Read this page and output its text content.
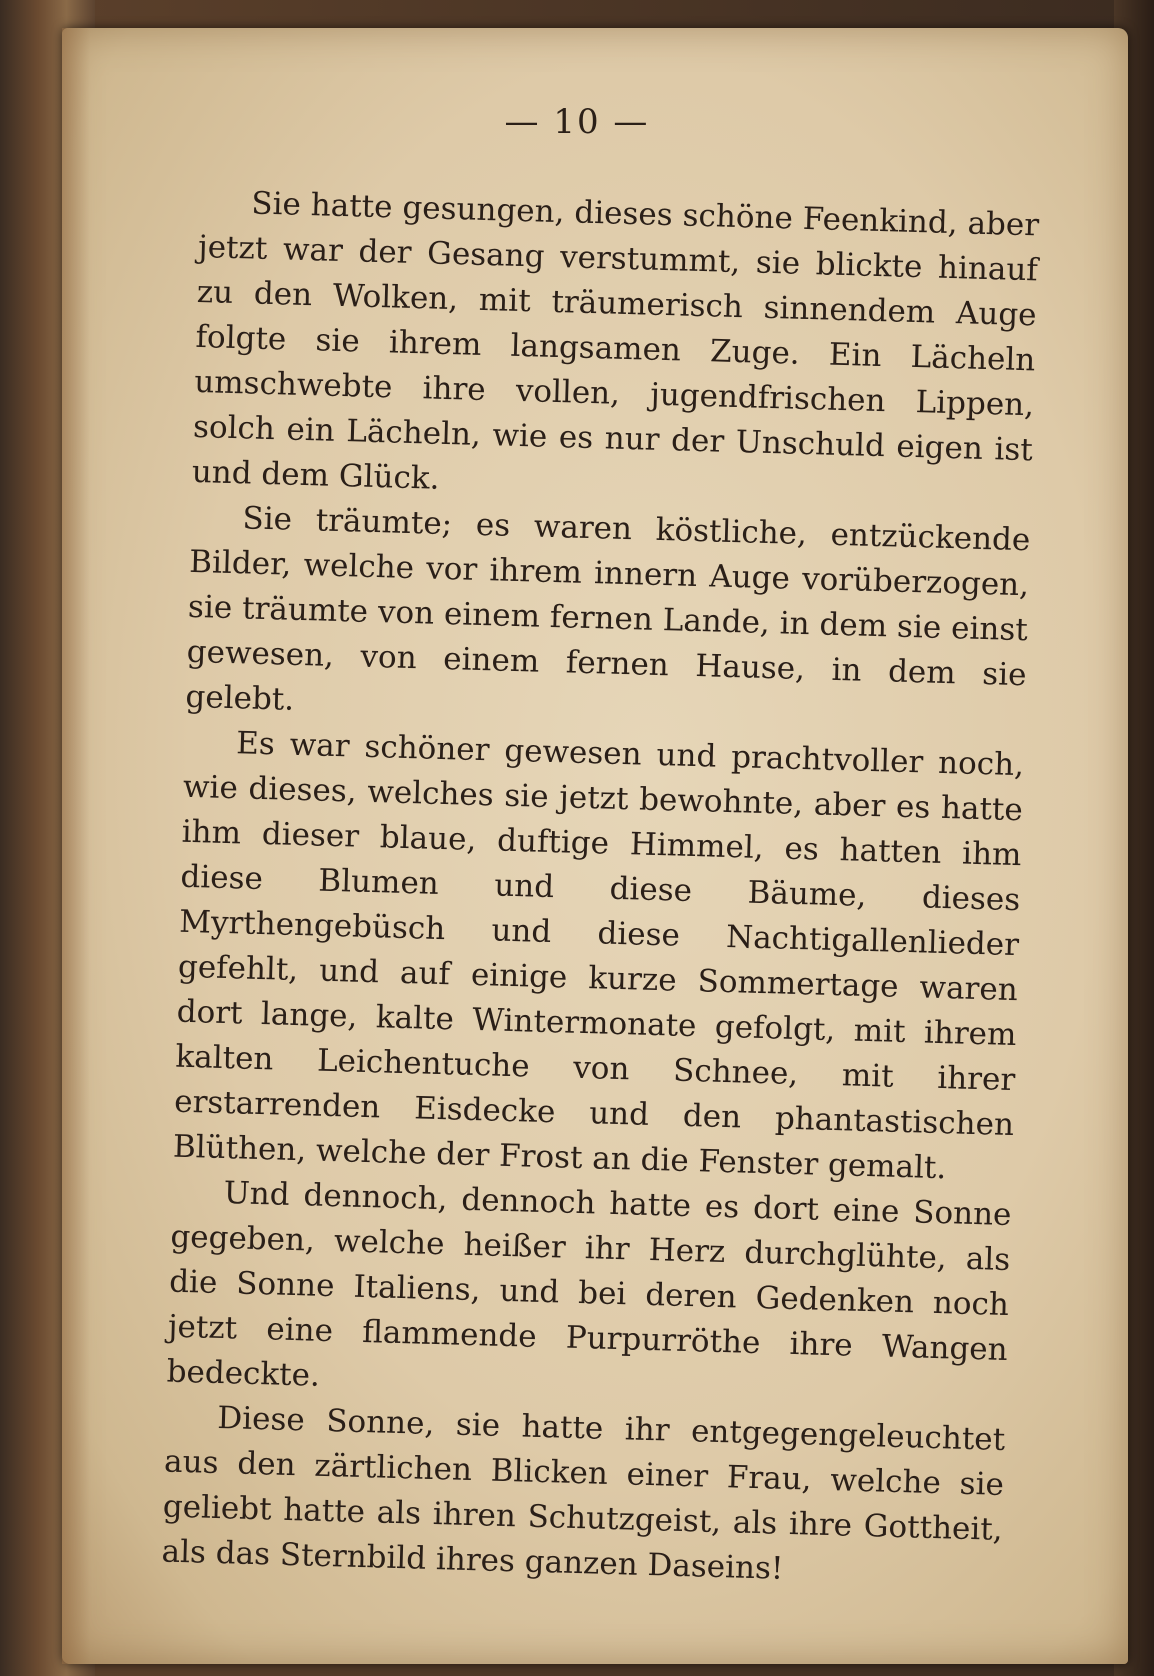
— 10 —

Sie hatte gesungen, dieses schöne Feenkind, aber jetzt war der Gesang verstummt, sie blickte hinauf zu den Wolken, mit träumerisch sinnendem Auge folgte sie ihrem langsamen Zuge. Ein Lächeln umschwebte ihre vollen, jugendfrischen Lippen, solch ein Lächeln, wie es nur der Unschuld eigen ist und dem Glück.

Sie träumte; es waren köstliche, entzückende Bilder, welche vor ihrem innern Auge vorüberzogen, sie träumte von einem fernen Lande, in dem sie einst gewesen, von einem fernen Hause, in dem sie gelebt.

Es war schöner gewesen und prachtvoller noch, wie dieses, welches sie jetzt bewohnte, aber es hatte ihm dieser blaue, duftige Himmel, es hatten ihm diese Blumen und diese Bäume, dieses Myrthengebüsch und diese Nachtigallenlieder gefehlt, und auf einige kurze Sommertage waren dort lange, kalte Wintermonate gefolgt, mit ihrem kalten Leichentuche von Schnee, mit ihrer erstarrenden Eisdecke und den phantastischen Blüthen, welche der Frost an die Fenster gemalt.

Und dennoch, dennoch hatte es dort eine Sonne gegeben, welche heißer ihr Herz durchglühte, als die Sonne Italiens, und bei deren Gedenken noch jetzt eine flammende Purpurröthe ihre Wangen bedeckte.

Diese Sonne, sie hatte ihr entgegengeleuchtet aus den zärtlichen Blicken einer Frau, welche sie geliebt hatte als ihren Schutzgeist, als ihre Gottheit, als das Sternbild ihres ganzen Daseins!
